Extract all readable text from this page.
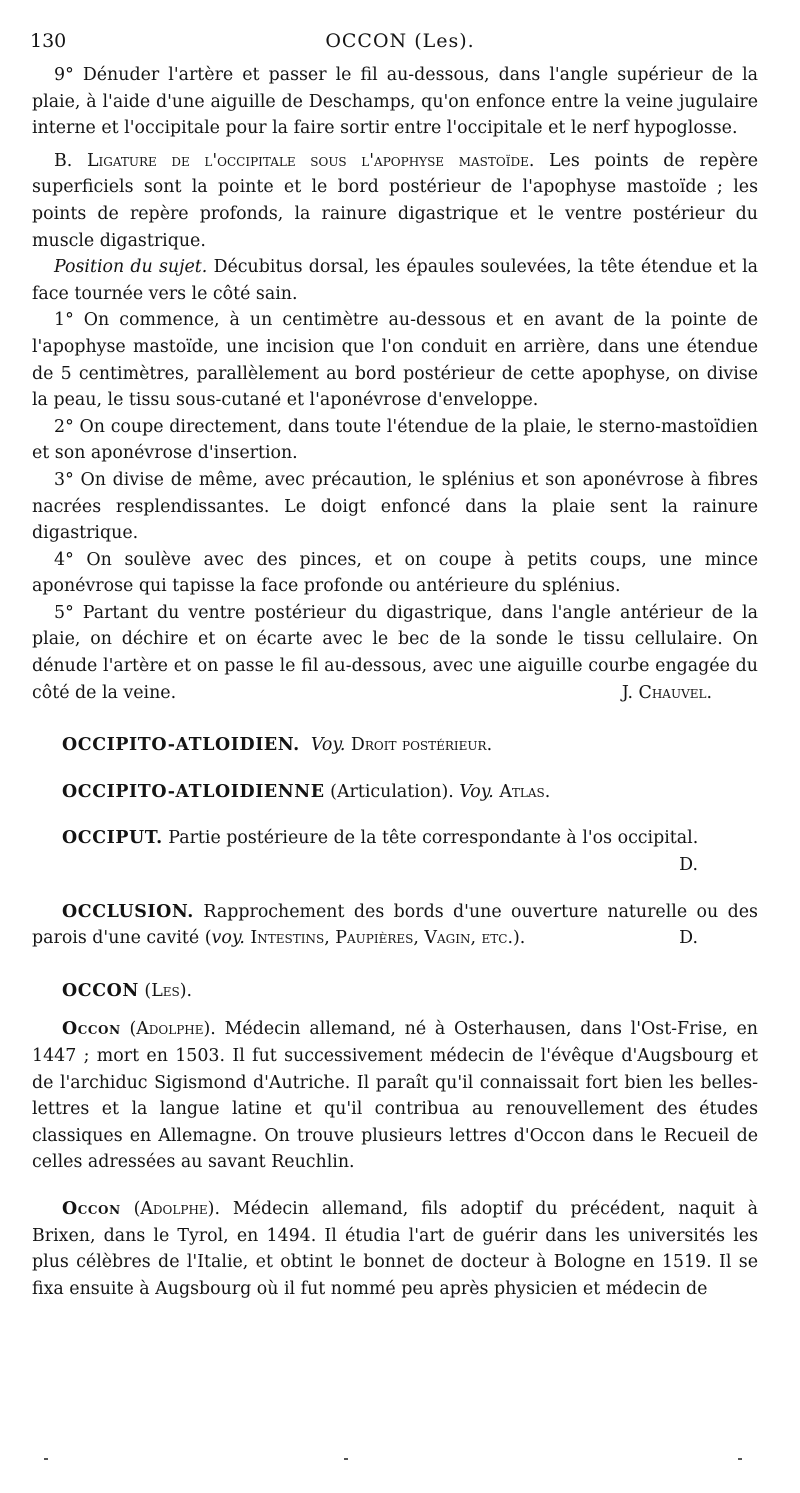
130	OCCON (Les).

9° Dénuder l'artère et passer le fil au-dessous, dans l'angle supérieur de la plaie, à l'aide d'une aiguille de Deschamps, qu'on enfonce entre la veine jugulaire interne et l'occipitale pour la faire sortir entre l'occipitale et le nerf hypoglosse.

B. Ligature de l'occipitale sous l'apophyse mastoïde. Les points de repère superficiels sont la pointe et le bord postérieur de l'apophyse mastoïde ; les points de repère profonds, la rainure digastrique et le ventre postérieur du muscle digastrique.

Position du sujet. Décubitus dorsal, les épaules soulevées, la tête étendue et la face tournée vers le côté sain.

1° On commence, à un centimètre au-dessous et en avant de la pointe de l'apophyse mastoïde, une incision que l'on conduit en arrière, dans une étendue de 5 centimètres, parallèlement au bord postérieur de cette apophyse, on divise la peau, le tissu sous-cutané et l'aponévrose d'enveloppe.

2° On coupe directement, dans toute l'étendue de la plaie, le sterno-mastoïdien et son aponévrose d'insertion.

3° On divise de même, avec précaution, le splénius et son aponévrose à fibres nacrées resplendissantes. Le doigt enfoncé dans la plaie sent la rainure digastrique.

4° On soulève avec des pinces, et on coupe à petits coups, une mince aponévrose qui tapisse la face profonde ou antérieure du splénius.

5° Partant du ventre postérieur du digastrique, dans l'angle antérieur de la plaie, on déchire et on écarte avec le bec de la sonde le tissu cellulaire. On dénude l'artère et on passe le fil au-dessous, avec une aiguille courbe engagée du côté de la veine.	J. Chauvel.

OCCIPITO-ATLOIDIEN. Voy. Droit postérieur.

OCCIPITO-ATLOIDIENNE (Articulation). Voy. Atlas.

OCCIPUT. Partie postérieure de la tête correspondante à l'os occipital.

D.

OCCLUSION. Rapprochement des bords d'une ouverture naturelle ou des parois d'une cavité (voy. Intestins, Paupières, Vagin, etc.).	D.

OCCON (Les).

Occon (Adolphe). Médecin allemand, né à Osterhausen, dans l'Ost-Frise, en 1447 ; mort en 1503. Il fut successivement médecin de l'évêque d'Augsbourg et de l'archiduc Sigismond d'Autriche. Il paraît qu'il connaissait fort bien les belles-lettres et la langue latine et qu'il contribua au renouvellement des études classiques en Allemagne. On trouve plusieurs lettres d'Occon dans le Recueil de celles adressées au savant Reuchlin.

Occon (Adolphe). Médecin allemand, fils adoptif du précédent, naquit à Brixen, dans le Tyrol, en 1494. Il étudia l'art de guérir dans les universités les plus célèbres de l'Italie, et obtint le bonnet de docteur à Bologne en 1519. Il se fixa ensuite à Augsbourg où il fut nommé peu après physicien et médecin de
